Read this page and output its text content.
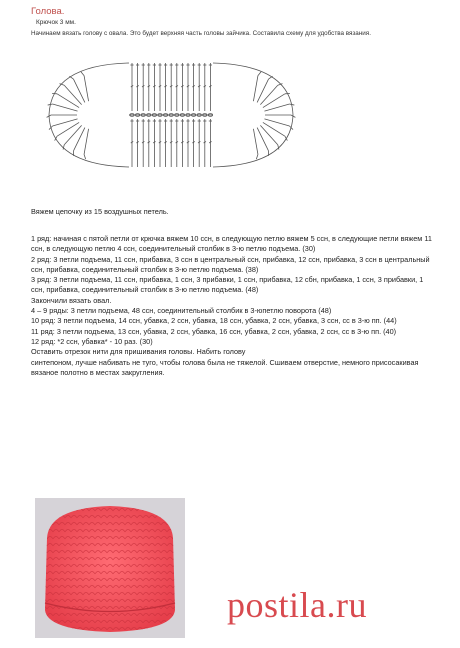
Голова.
Крючок 3 мм.
Начинаем вязать голову с овала. Это будет верхняя часть головы зайчика. Составила схему для удобства вязания.
Вяжем цепочку из 15 воздушных петель.

1 ряд: начиная с пятой петли от крючка вяжем 10 ссн, в следующую петлю вяжем 5 ссн, в следующие петли вяжем 11 ссн, в следующую петлю 4 ссн, соединительный столбик в 3-ю петлю подъема. (30)

2 ряд: 3 петли подъема, 11 ссн, прибавка, 3 ссн в центральный ссн, прибавка, 12 ссн, прибавка, 3 ссн в центральный ссн, прибавка, соединительный столбик в 3-ю петлю подъема. (38)

3 ряд: 3 петли подъема, 11 ссн, прибавка, 1 ссн, 3 прибавки, 1 ссн, прибавка, 12 сбн, прибавка, 1 ссн, 3 прибавки, 1 ссн, прибавка, соединительный столбик в 3-ю петлю подъема. (48)

Закончили вязать овал.

4 – 9 ряды: 3 петли подъема, 48 ссн, соединительный столбик в 3-юпетлю поворота (48)

10 ряд: 3 петли подъема, 14 ссн, убавка, 2 ссн, убавка, 18 ссн, убавка, 2 ссн, убавка, 3 ссн, сс в 3-ю пп. (44)

11 ряд: 3 петли подъема, 13 ссн, убавка, 2 ссн, убавка, 16 ссн, убавка, 2 ссн, убавка, 2 ссн, сс в 3-ю пп. (40)

12 ряд: *2 ссн, убавка* - 10 раз. (30)

Оставить отрезок нити для пришивания головы. Набить голову

синтепоном, лучше набивать не туго, чтобы голова была не тяжелой. Сшиваем отверстие, немного присосакивая вязаное полотно в местах закругления.

postila.ru
